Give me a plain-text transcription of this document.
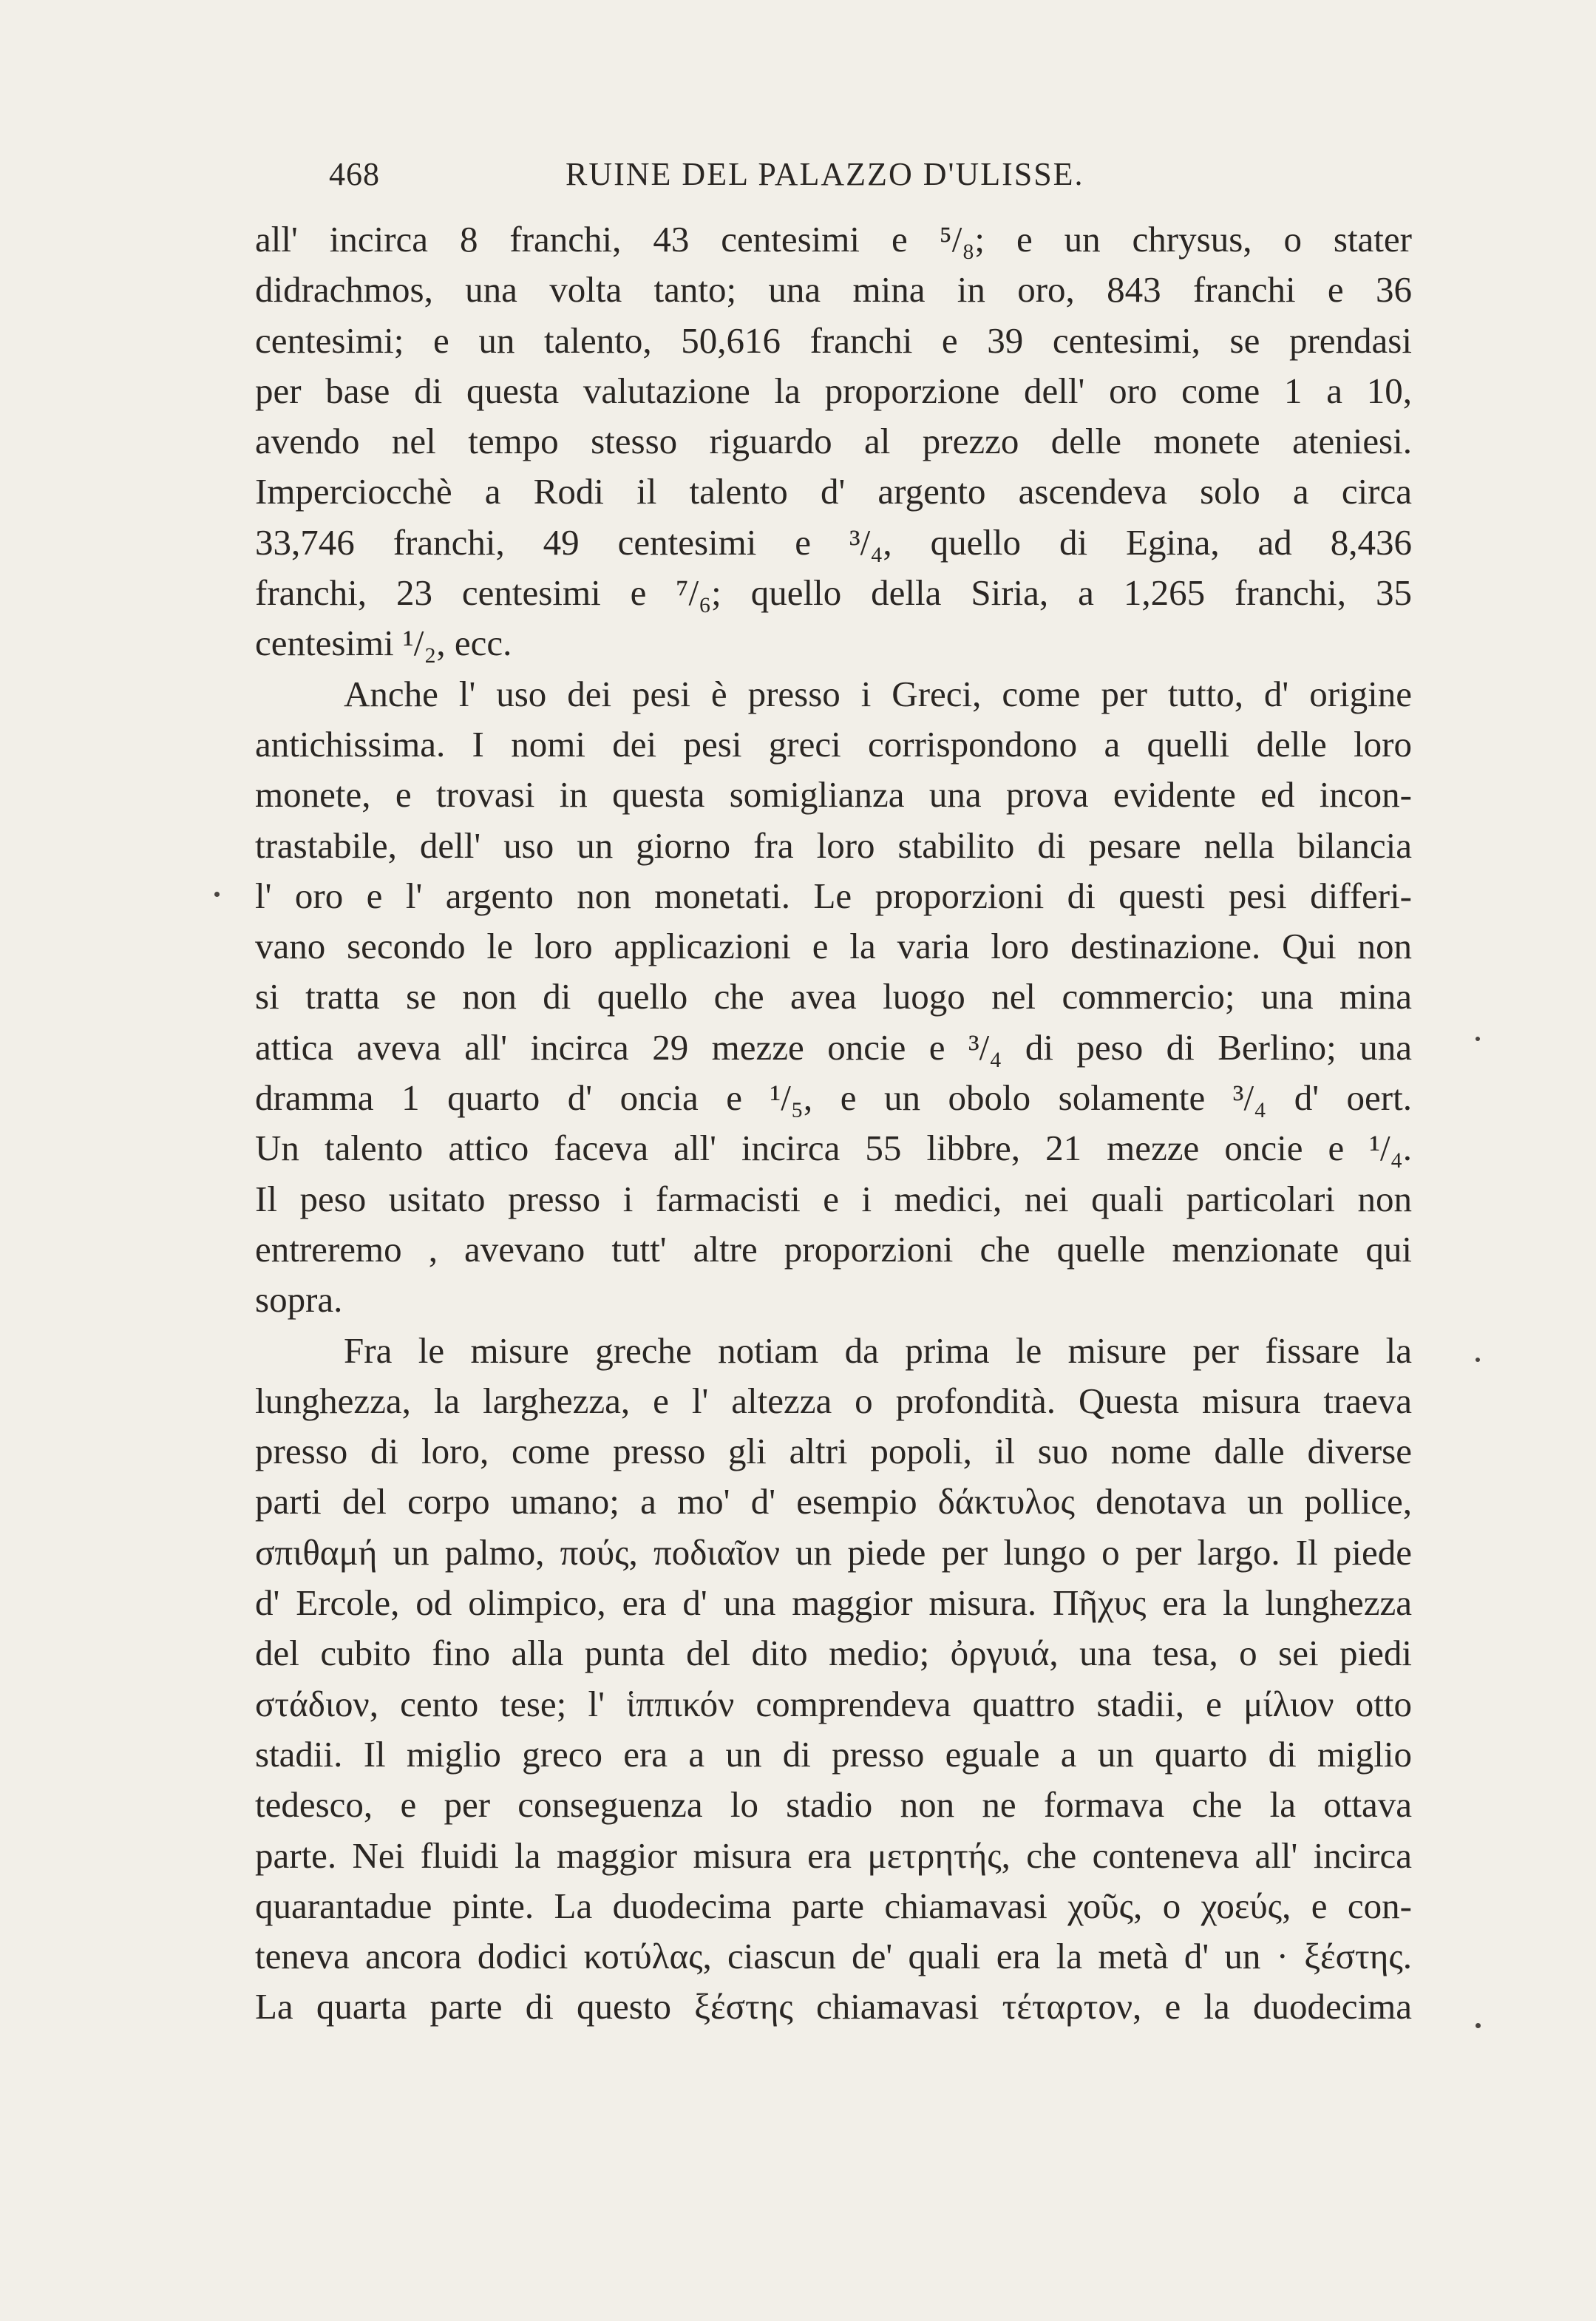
468	RUINE DEL PALAZZO D'ULISSE.
all' incirca 8 franchi, 43 centesimi e ⁵/₈; e un chrysus, o stater
didrachmos, una volta tanto; una mina in oro, 843 franchi e 36
centesimi; e un talento, 50,616 franchi e 39 centesimi, se prendasi
per base di questa valutazione la proporzione dell' oro come 1 a 10,
avendo nel tempo stesso riguardo al prezzo delle monete ateniesi.
Imperciocchè a Rodi il talento d' argento ascendeva solo a circa
33,746 franchi, 49 centesimi e ³/₄, quello di Egina, ad 8,436
franchi, 23 centesimi e ⁷/₆; quello della Siria, a 1,265 franchi, 35
centesimi ¹/₂, ecc.
Anche l' uso dei pesi è presso i Greci, come per tutto, d' origine
antichissima. I nomi dei pesi greci corrispondono a quelli delle loro
monete, e trovasi in questa somiglianza una prova evidente ed incon-
trastabile, dell' uso un giorno fra loro stabilito di pesare nella bilancia
l' oro e l' argento non monetati. Le proporzioni di questi pesi differi-
vano secondo le loro applicazioni e la varia loro destinazione. Qui non
si tratta se non di quello che avea luogo nel commercio; una mina
attica aveva all' incirca 29 mezze oncie e ³/₄ di peso di Berlino; una
dramma 1 quarto d' oncia e ¹/₅, e un obolo solamente ³/₄ d' oert.
Un talento attico faceva all' incirca 55 libbre, 21 mezze oncie e ¹/₄.
Il peso usitato presso i farmacisti e i medici, nei quali particolari non
entreremo , avevano tutt' altre proporzioni che quelle menzionate qui
sopra.
Fra le misure greche notiam da prima le misure per fissare la
lunghezza, la larghezza, e l' altezza o profondità. Questa misura traeva
presso di loro, come presso gli altri popoli, il suo nome dalle diverse
parti del corpo umano; a mo' d' esempio δάκτυλος denotava un pollice,
σπιθαμή un palmo, πούς, ποδιαῖον un piede per lungo o per largo. Il piede
d' Ercole, od olimpico, era d' una maggior misura. Πῆχυς era la lunghezza
del cubito fino alla punta del dito medio; ὀργυιά, una tesa, o sei piedi
στάδιον, cento tese; l' ἱππικόν comprendeva quattro stadii, e μίλιον otto
stadii. Il miglio greco era a un di presso eguale a un quarto di miglio
tedesco, e per conseguenza lo stadio non ne formava che la ottava
parte. Nei fluidi la maggior misura era μετρητής, che conteneva all' incirca
quarantadue pinte. La duodecima parte chiamavasi χοῦς, o χοεύς, e con-
teneva ancora dodici κοτύλας, ciascun de' quali era la metà d' un · ξέστης.
La quarta parte di questo ξέστης chiamavasi τέταρτον, e la duodecima
